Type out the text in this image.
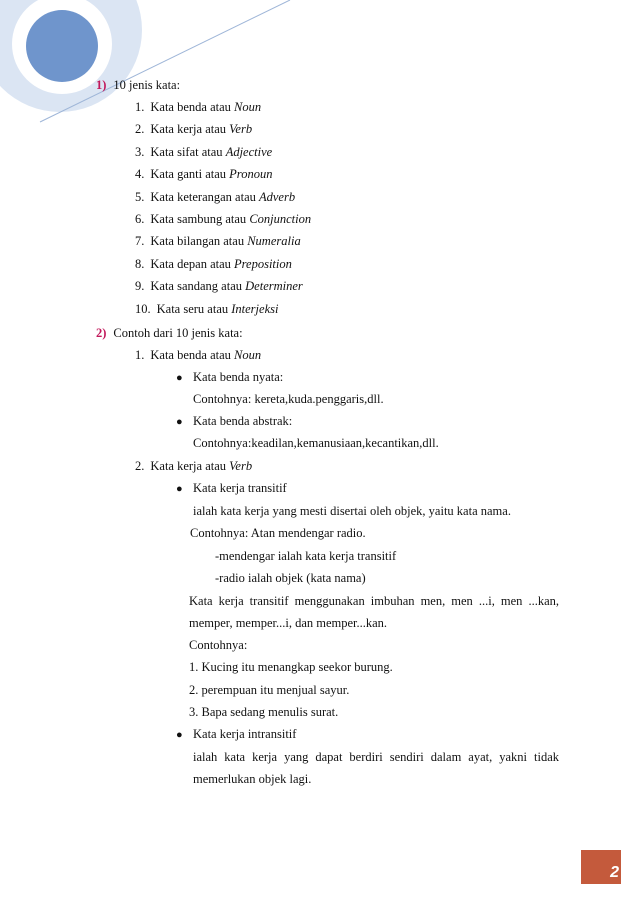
1) 10 jenis kata:
1. Kata benda atau Noun
2. Kata kerja atau Verb
3. Kata sifat atau Adjective
4. Kata ganti atau Pronoun
5. Kata keterangan atau Adverb
6. Kata sambung atau Conjunction
7. Kata bilangan atau Numeralia
8. Kata depan atau Preposition
9. Kata sandang atau Determiner
10. Kata seru atau Interjeksi
2) Contoh dari 10 jenis kata:
1. Kata benda atau Noun
● Kata benda nyata:
Contohnya: kereta,kuda.penggaris,dll.
● Kata benda abstrak:
Contohnya:keadilan,kemanusiaan,kecantikan,dll.
2. Kata kerja atau Verb
● Kata kerja transitif
ialah kata kerja yang mesti disertai oleh objek, yaitu kata nama.
Contohnya: Atan mendengar radio.
-mendengar ialah kata kerja transitif
-radio ialah objek (kata nama)
Kata kerja transitif menggunakan imbuhan men, men ...i, men ...kan,
memper, memper...i, dan memper...kan.
Contohnya:
1. Kucing itu menangkap seekor burung.
2. perempuan itu menjual sayur.
3. Bapa sedang menulis surat.
● Kata kerja intransitif
ialah kata kerja yang dapat berdiri sendiri dalam ayat, yakni tidak
memerlukan objek lagi.
2
